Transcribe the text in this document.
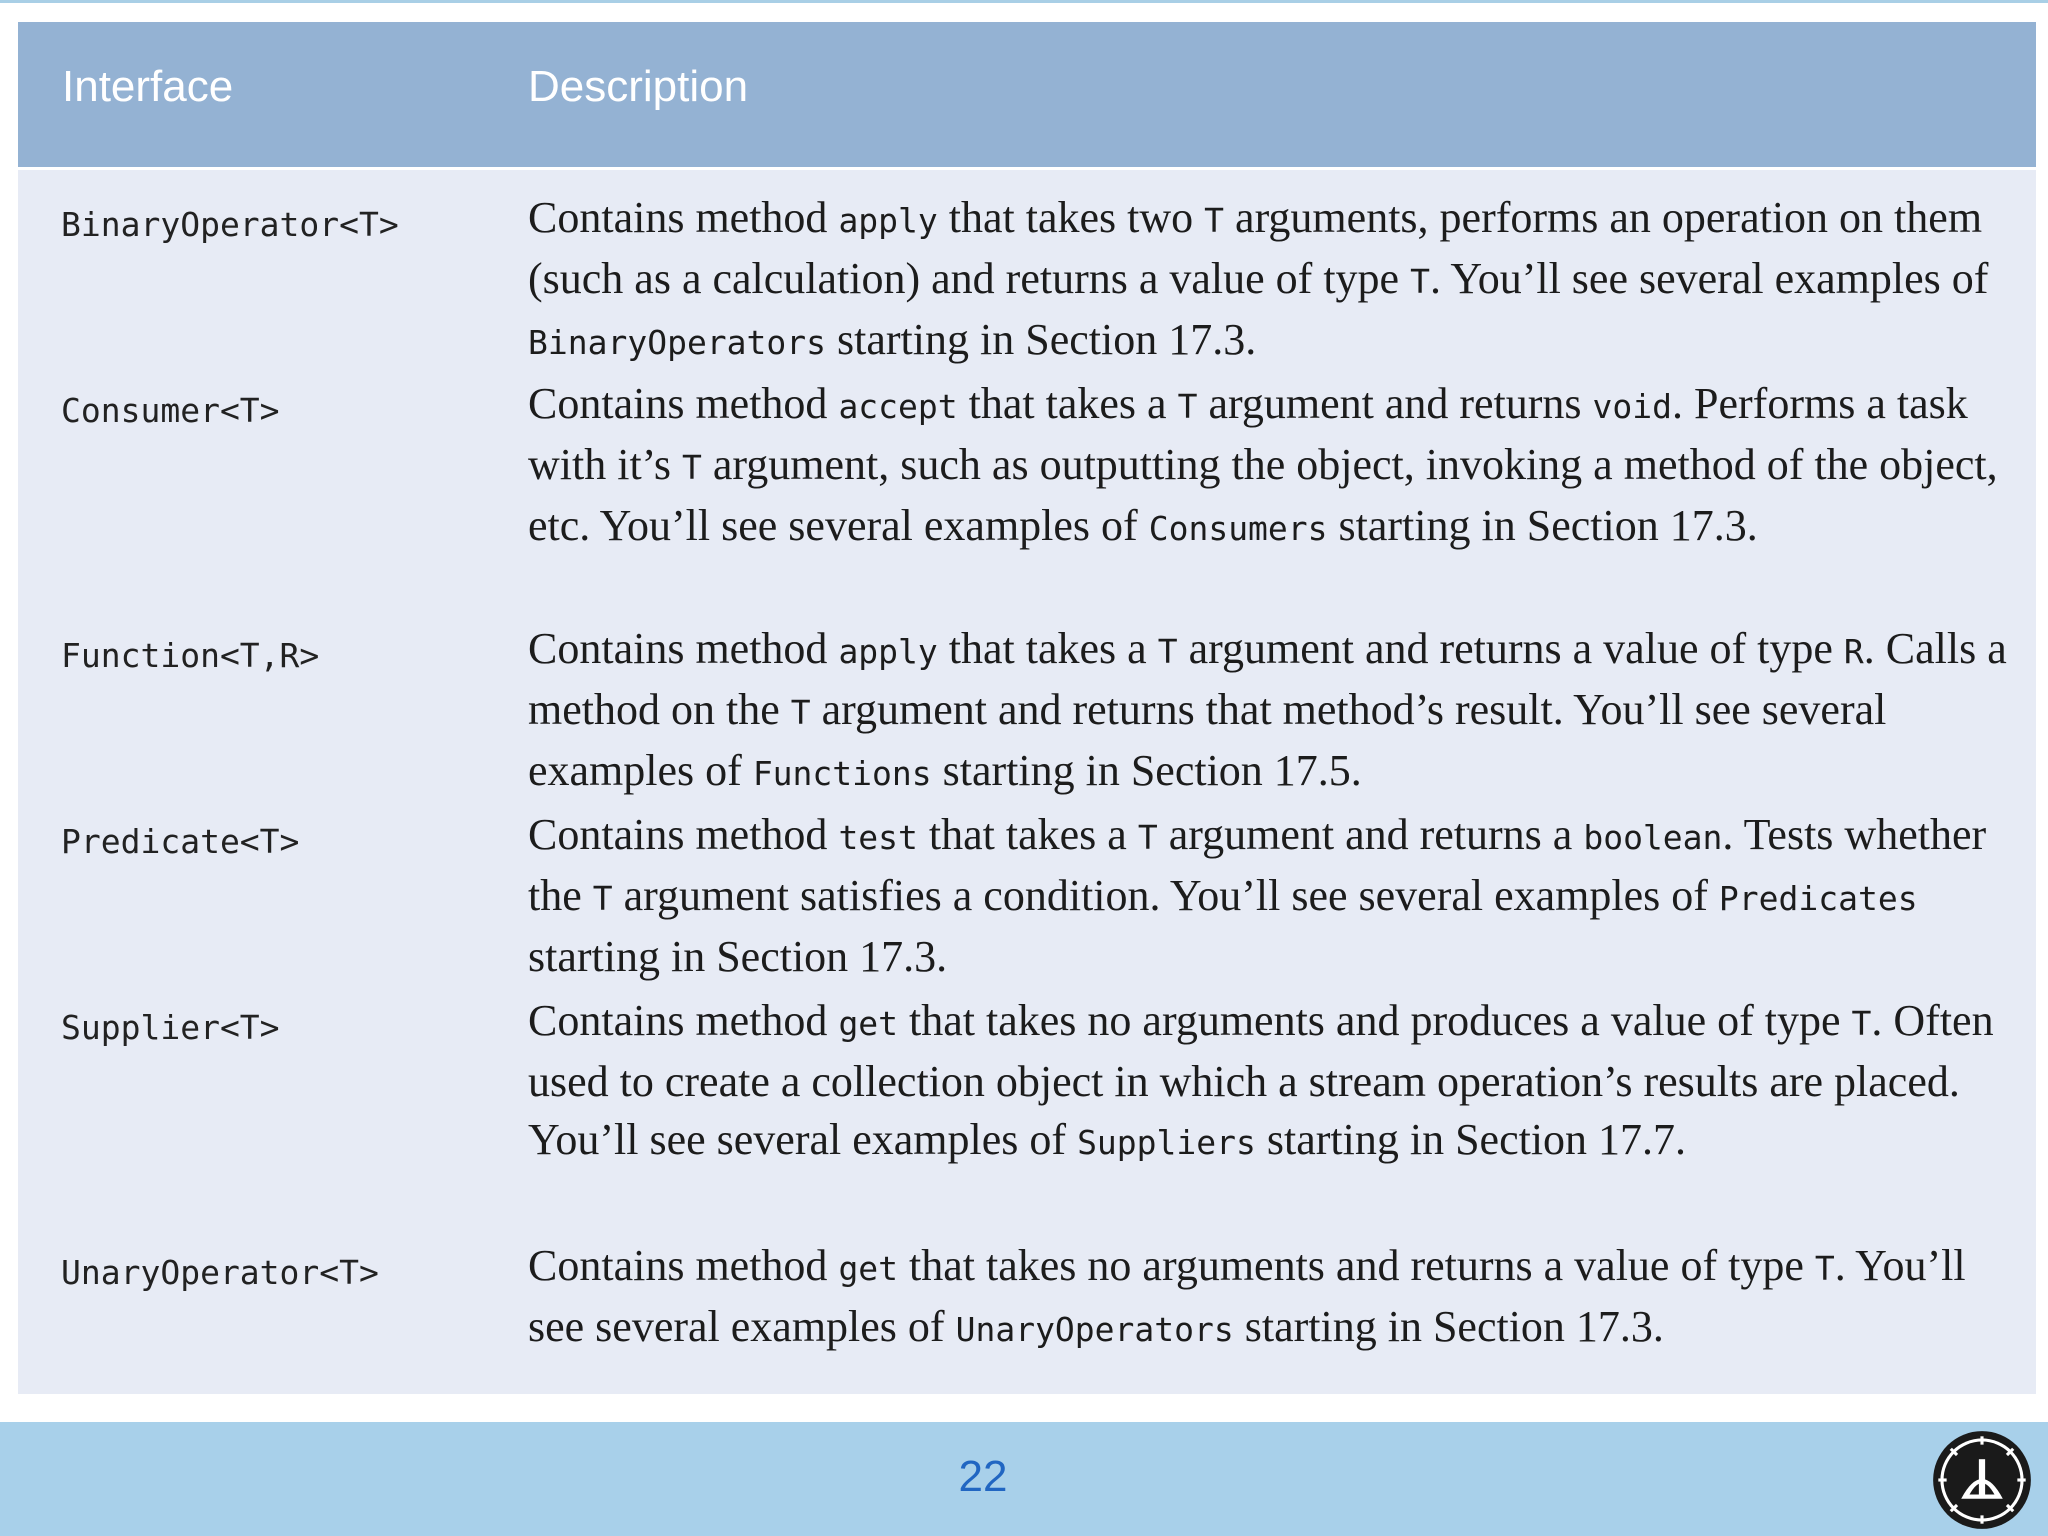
Interface	Description
BinaryOperator<T>	Contains method apply that takes two T arguments, performs an operation on them (such as a calculation) and returns a value of type T. You’ll see several examples of BinaryOperators starting in Section 17.3.
Consumer<T>	Contains method accept that takes a T argument and returns void. Performs a task with it’s T argument, such as outputting the object, invoking a method of the object, etc. You’ll see several examples of Consumers starting in Section 17.3.
Function<T,R>	Contains method apply that takes a T argument and returns a value of type R. Calls a method on the T argument and returns that method’s result. You’ll see several examples of Functions starting in Section 17.5.
Predicate<T>	Contains method test that takes a T argument and returns a boolean. Tests whether the T argument satisfies a condition. You’ll see several examples of Predicates starting in Section 17.3.
Supplier<T>	Contains method get that takes no arguments and produces a value of type T. Often used to create a collection object in which a stream operation’s results are placed. You’ll see several examples of Suppliers starting in Section 17.7.
UnaryOperator<T>	Contains method get that takes no arguments and returns a value of type T. You’ll see several examples of UnaryOperators starting in Section 17.3.
22
